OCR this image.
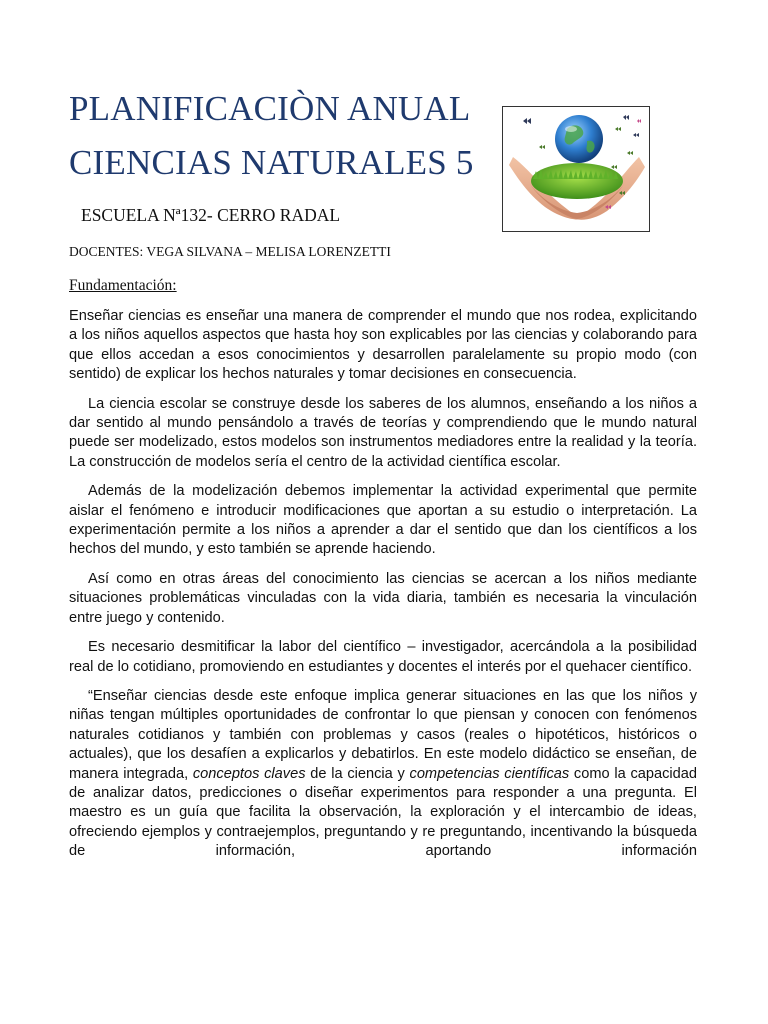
PLANIFICACIÒN ANUAL
CIENCIAS NATURALES 5
ESCUELA Nª132- CERRO RADAL

DOCENTES: VEGA SILVANA – MELISA LORENZETTI

Fundamentación:

Enseñar ciencias es enseñar una manera de comprender el mundo que nos rodea, explicitando a los niños aquellos aspectos que hasta hoy son explicables por las ciencias y colaborando para que ellos accedan a esos conocimientos y desarrollen paralelamente su propio modo (con sentido) de explicar los hechos naturales y tomar decisiones en consecuencia.

La ciencia escolar se construye desde los saberes de los alumnos, enseñando a los niños a dar sentido al mundo pensándolo a través de teorías y comprendiendo que le mundo natural puede ser modelizado, estos modelos son instrumentos mediadores entre la realidad y la teoría. La construcción de modelos sería el centro de la actividad científica escolar.

Además de la modelización debemos implementar la actividad experimental que permite aislar el fenómeno e introducir modificaciones que aportan a su estudio o interpretación. La experimentación permite a los niños a aprender a dar el sentido que dan los científicos a los hechos del mundo, y esto también se aprende haciendo.

Así como en otras áreas del conocimiento las ciencias se acercan a los niños mediante situaciones problemáticas vinculadas con la vida diaria, también es necesaria la vinculación entre juego y contenido.

Es necesario desmitificar la labor del científico – investigador, acercándola a la posibilidad real de lo cotidiano, promoviendo en estudiantes y docentes el interés por el quehacer científico.

“Enseñar ciencias desde este enfoque implica generar situaciones en las que los niños y niñas tengan múltiples oportunidades de confrontar lo que piensan y conocen con fenómenos naturales cotidianos y también con problemas y casos (reales o hipotéticos, históricos o actuales), que los desafíen a explicarlos y debatirlos. En este modelo didáctico se enseñan, de manera integrada, conceptos claves de la ciencia y competencias científicas como la capacidad de analizar datos, predicciones o diseñar experimentos para responder a una pregunta. El maestro es un guía que facilita la observación, la exploración y el intercambio de ideas, ofreciendo ejemplos y contraejemplos, preguntando y re preguntando, incentivando la búsqueda de información, aportando información
